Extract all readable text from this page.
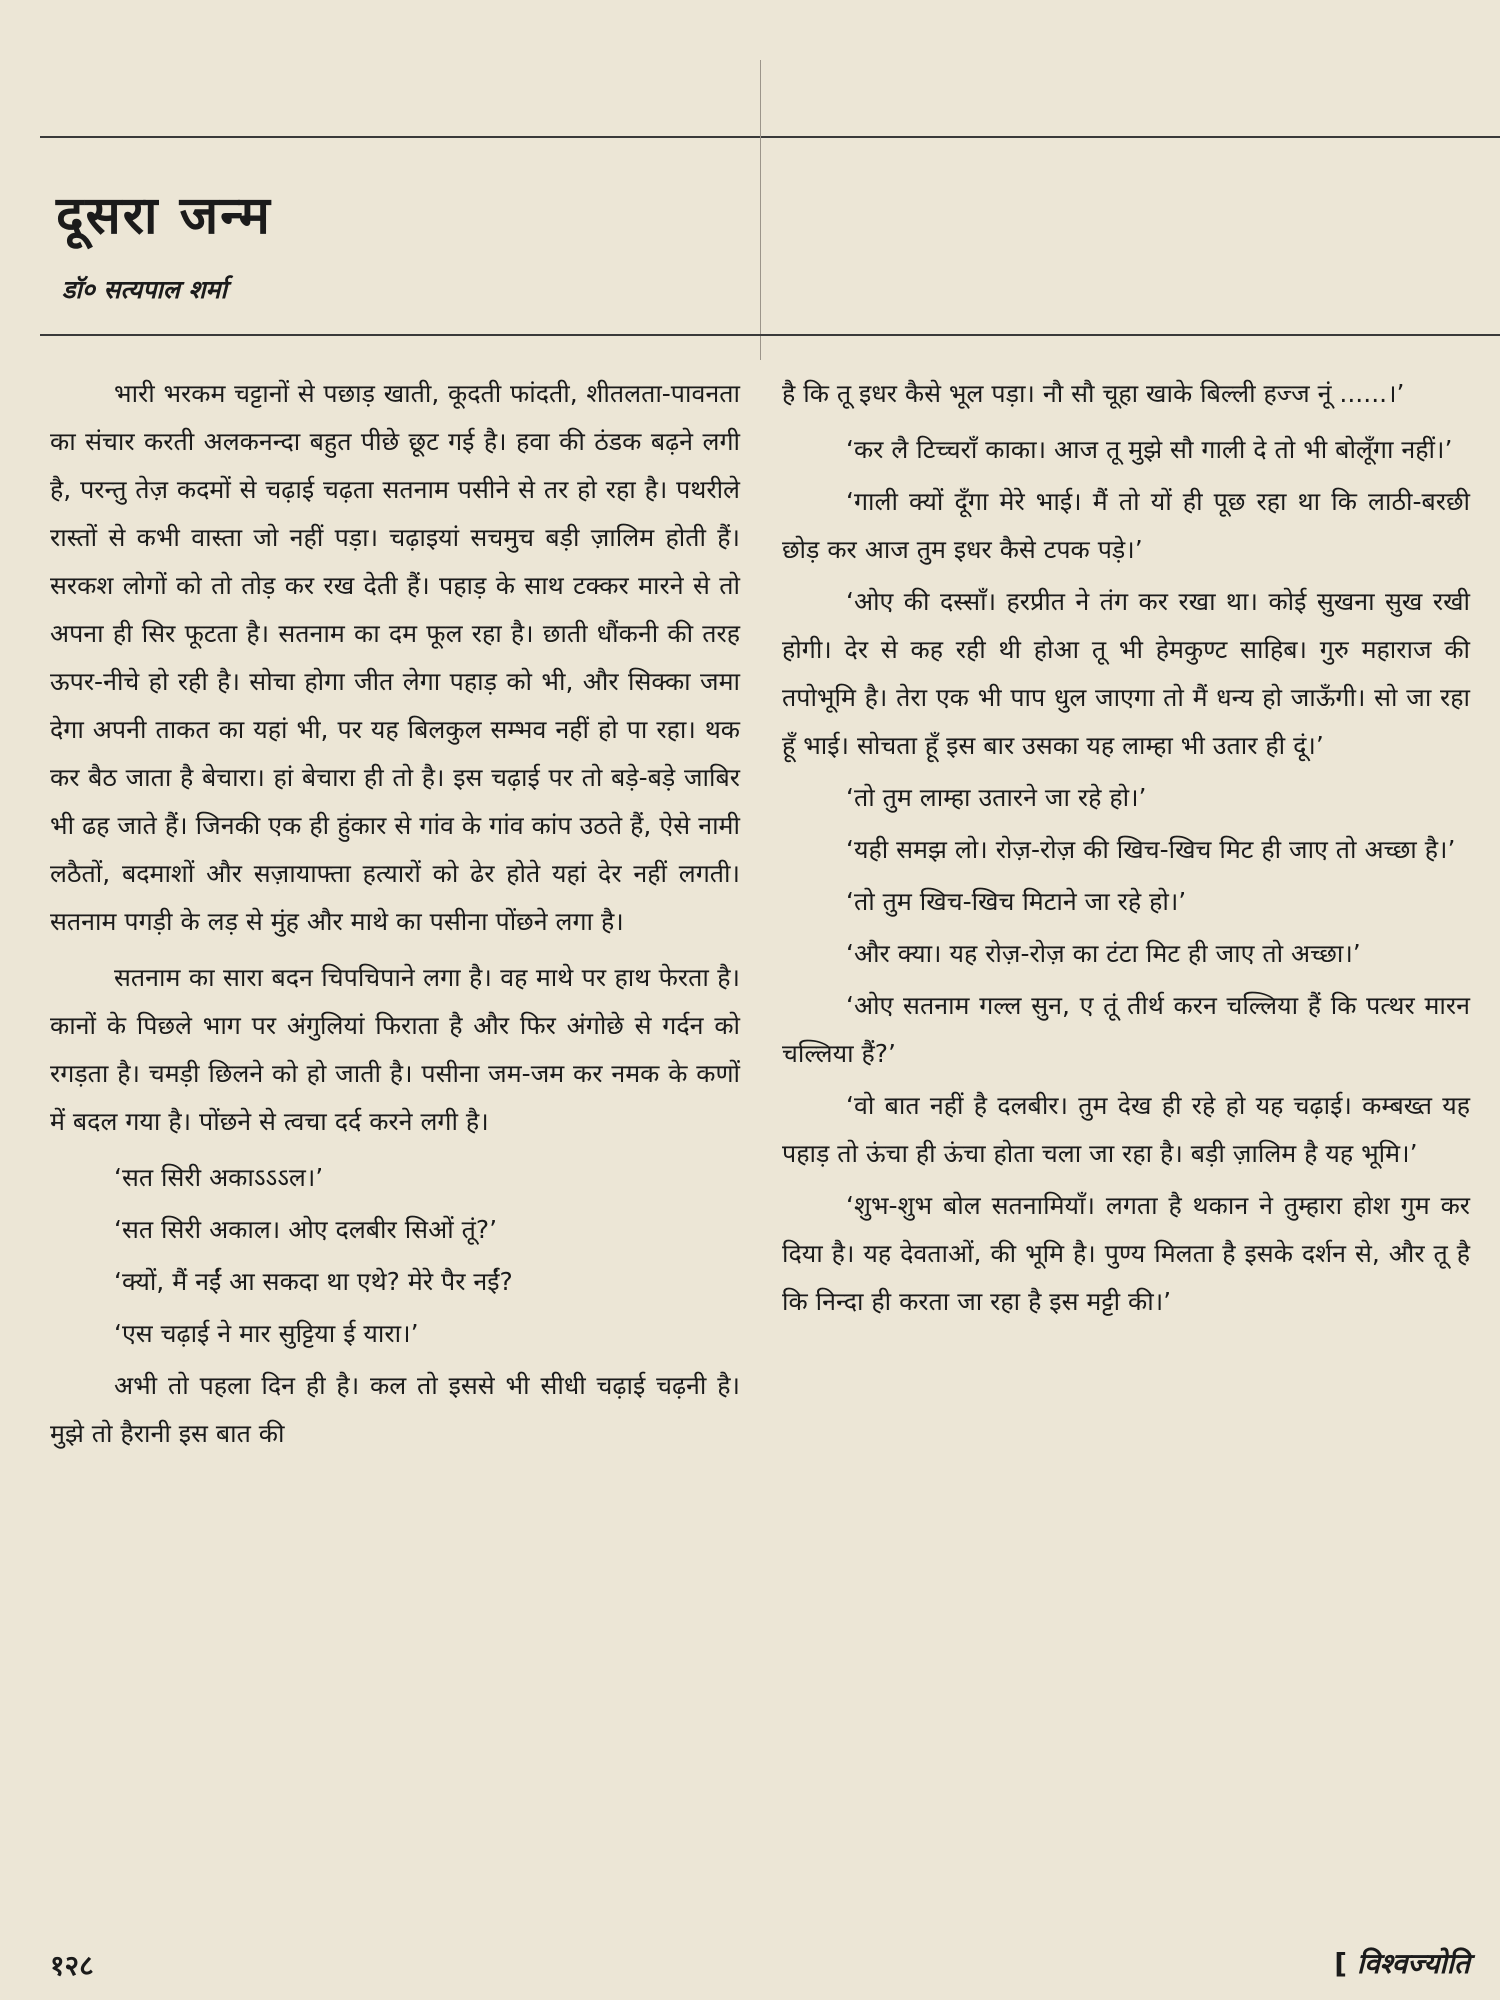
दूसरा जन्म
डॉ० सत्यपाल शर्मा

भारी भरकम चट्टानों से पछाड़ खाती, कूदती फांदती, शीतलता-पावनता का संचार करती अलकनन्दा बहुत पीछे छूट गई है। हवा की ठंडक बढ़ने लगी है, परन्तु तेज़ कदमों से चढ़ाई चढ़ता सतनाम पसीने से तर हो रहा है। पथरीले रास्तों से कभी वास्ता जो नहीं पड़ा। चढ़ाइयां सचमुच बड़ी ज़ालिम होती हैं। सरकश लोगों को तो तोड़ कर रख देती हैं। पहाड़ के साथ टक्कर मारने से तो अपना ही सिर फूटता है। सतनाम का दम फूल रहा है। छाती धौंकनी की तरह ऊपर-नीचे हो रही है। सोचा होगा जीत लेगा पहाड़ को भी, और सिक्का जमा देगा अपनी ताकत का यहां भी, पर यह बिलकुल सम्भव नहीं हो पा रहा। थक कर बैठ जाता है बेचारा। हां बेचारा ही तो है। इस चढ़ाई पर तो बड़े-बड़े जाबिर भी ढह जाते हैं। जिनकी एक ही हुंकार से गांव के गांव कांप उठते हैं, ऐसे नामी लठैतों, बदमाशों और सज़ायाफ्ता हत्यारों को ढेर होते यहां देर नहीं लगती। सतनाम पगड़ी के लड़ से मुंह और माथे का पसीना पोंछने लगा है।

सतनाम का सारा बदन चिपचिपाने लगा है। वह माथे पर हाथ फेरता है। कानों के पिछले भाग पर अंगुलियां फिराता है और फिर अंगोछे से गर्दन को रगड़ता है। चमड़ी छिलने को हो जाती है। पसीना जम-जम कर नमक के कणों में बदल गया है। पोंछने से त्वचा दर्द करने लगी है।

‘सत सिरी अकाऽऽऽल।’

‘सत सिरी अकाल। ओए दलबीर सिओं तूं?’

‘क्यों, मैं नईं आ सकदा था एथे? मेरे पैर नईं?

‘एस चढ़ाई ने मार सुट्टिया ई यारा।’

अभी तो पहला दिन ही है। कल तो इससे भी सीधी चढ़ाई चढ़नी है। मुझे तो हैरानी इस बात की

है कि तू इधर कैसे भूल पड़ा। नौ सौ चूहा खाके बिल्ली हज्ज नूं ......।’

‘कर लै टिच्चराँ काका। आज तू मुझे सौ गाली दे तो भी बोलूँगा नहीं।’

‘गाली क्यों दूँगा मेरे भाई। मैं तो यों ही पूछ रहा था कि लाठी-बरछी छोड़ कर आज तुम इधर कैसे टपक पड़े।’

‘ओए की दस्साँ। हरप्रीत ने तंग कर रखा था। कोई सुखना सुख रखी होगी। देर से कह रही थी होआ तू भी हेमकुण्ट साहिब। गुरु महाराज की तपोभूमि है। तेरा एक भी पाप धुल जाएगा तो मैं धन्य हो जाऊँगी। सो जा रहा हूँ भाई। सोचता हूँ इस बार उसका यह लाम्हा भी उतार ही दूं।’

‘तो तुम लाम्हा उतारने जा रहे हो।’

‘यही समझ लो। रोज़-रोज़ की खिच-खिच मिट ही जाए तो अच्छा है।’

‘तो तुम खिच-खिच मिटाने जा रहे हो।’

‘और क्या। यह रोज़-रोज़ का टंटा मिट ही जाए तो अच्छा।’

‘ओए सतनाम गल्ल सुन, ए तूं तीर्थ करन चल्लिया हैं कि पत्थर मारन चल्लिया हैं?’

‘वो बात नहीं है दलबीर। तुम देख ही रहे हो यह चढ़ाई। कम्बख्त यह पहाड़ तो ऊंचा ही ऊंचा होता चला जा रहा है। बड़ी ज़ालिम है यह भूमि।’

‘शुभ-शुभ बोल सतनामियाँ। लगता है थकान ने तुम्हारा होश गुम कर दिया है। यह देवताओं, की भूमि है। पुण्य मिलता है इसके दर्शन से, और तू है कि निन्दा ही करता जा रहा है इस मट्टी की।’

१२८	[ विश्वज्योति
